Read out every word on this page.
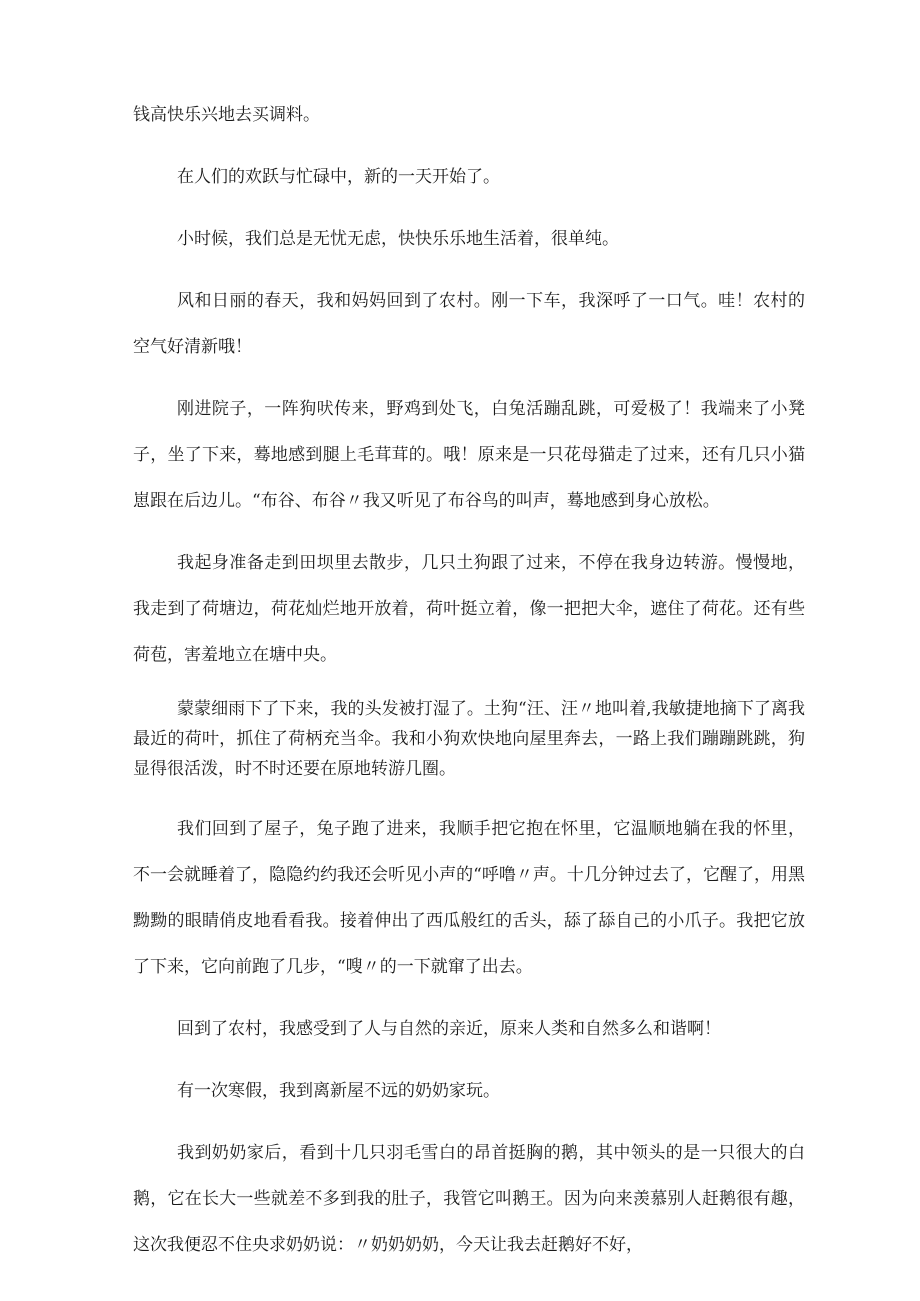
钱高快乐兴地去买调料。

在人们的欢跃与忙碌中，新的一天开始了。

小时候，我们总是无忧无虑，快快乐乐地生活着，很单纯。

风和日丽的春天，我和妈妈回到了农村。刚一下车，我深呼了一口气。哇！农村的空气好清新哦！

刚进院子，一阵狗吠传来，野鸡到处飞，白兔活蹦乱跳，可爱极了！我端来了小凳子，坐了下来，蓦地感到腿上毛茸茸的。哦！原来是一只花母猫走了过来，还有几只小猫崽跟在后边儿。“布谷、布谷〃我又听见了布谷鸟的叫声，蓦地感到身心放松。

我起身准备走到田坝里去散步，几只土狗跟了过来，不停在我身边转游。慢慢地，我走到了荷塘边，荷花灿烂地开放着，荷叶挺立着，像一把把大伞，遮住了荷花。还有些荷苞，害羞地立在塘中央。

蒙蒙细雨下了下来，我的头发被打湿了。土狗“汪、汪〃地叫着,我敏捷地摘下了离我最近的荷叶，抓住了荷柄充当伞。我和小狗欢快地向屋里奔去，一路上我们蹦蹦跳跳，狗显得很活泼，时不时还要在原地转游几圈。

我们回到了屋子，兔子跑了进来，我顺手把它抱在怀里，它温顺地躺在我的怀里，不一会就睡着了，隐隐约约我还会听见小声的“呼噜〃声。十几分钟过去了，它醒了，用黑黝黝的眼睛俏皮地看看我。接着伸出了西瓜般红的舌头，舔了舔自己的小爪子。我把它放了下来，它向前跑了几步，“嗖〃的一下就窜了出去。

回到了农村，我感受到了人与自然的亲近，原来人类和自然多么和谐啊！

有一次寒假，我到离新屋不远的奶奶家玩。

我到奶奶家后，看到十几只羽毛雪白的昂首挺胸的鹅，其中领头的是一只很大的白鹅，它在长大一些就差不多到我的肚子，我管它叫鹅王。因为向来羡慕别人赶鹅很有趣，这次我便忍不住央求奶奶说：〃奶奶奶奶，今天让我去赶鹅好不好，
